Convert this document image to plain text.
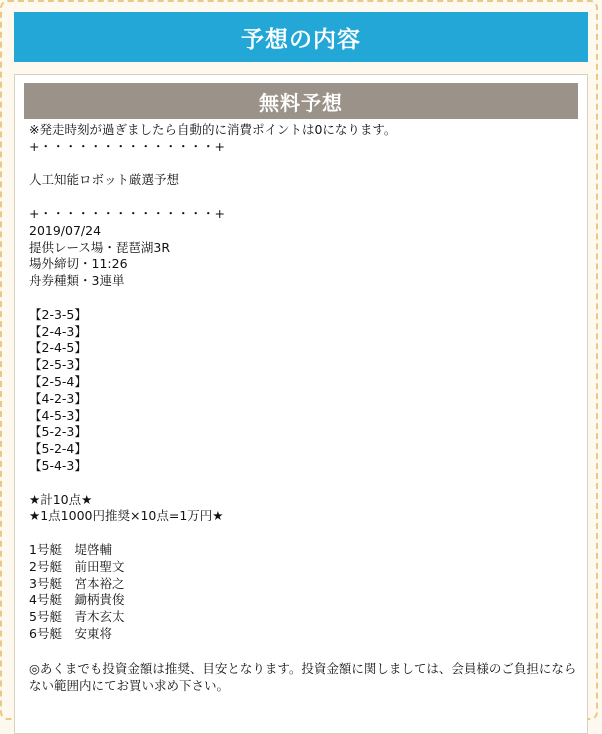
予想の内容
無料予想
※発走時刻が過ぎましたら自動的に消費ポイントは0になります。
+・・・・・・・・・・・・・・+
人工知能ロボット厳選予想
+・・・・・・・・・・・・・・+
2019/07/24
提供レース場・琵琶湖3R
場外締切・11:26
舟券種類・3連単
【2-3-5】
【2-4-3】
【2-4-5】
【2-5-3】
【2-5-4】
【4-2-3】
【4-5-3】
【5-2-3】
【5-2-4】
【5-4-3】
★計10点★
★1点1000円推奨×10点=1万円★
1号艇　堤啓輔
2号艇　前田聖文
3号艇　宮本裕之
4号艇　鋤柄貴俊
5号艇　青木玄太
6号艇　安東将
◎あくまでも投資金額は推奨、目安となります。投資金額に関しましては、会員様のご負担にならない範囲内にてお買い求め下さい。
